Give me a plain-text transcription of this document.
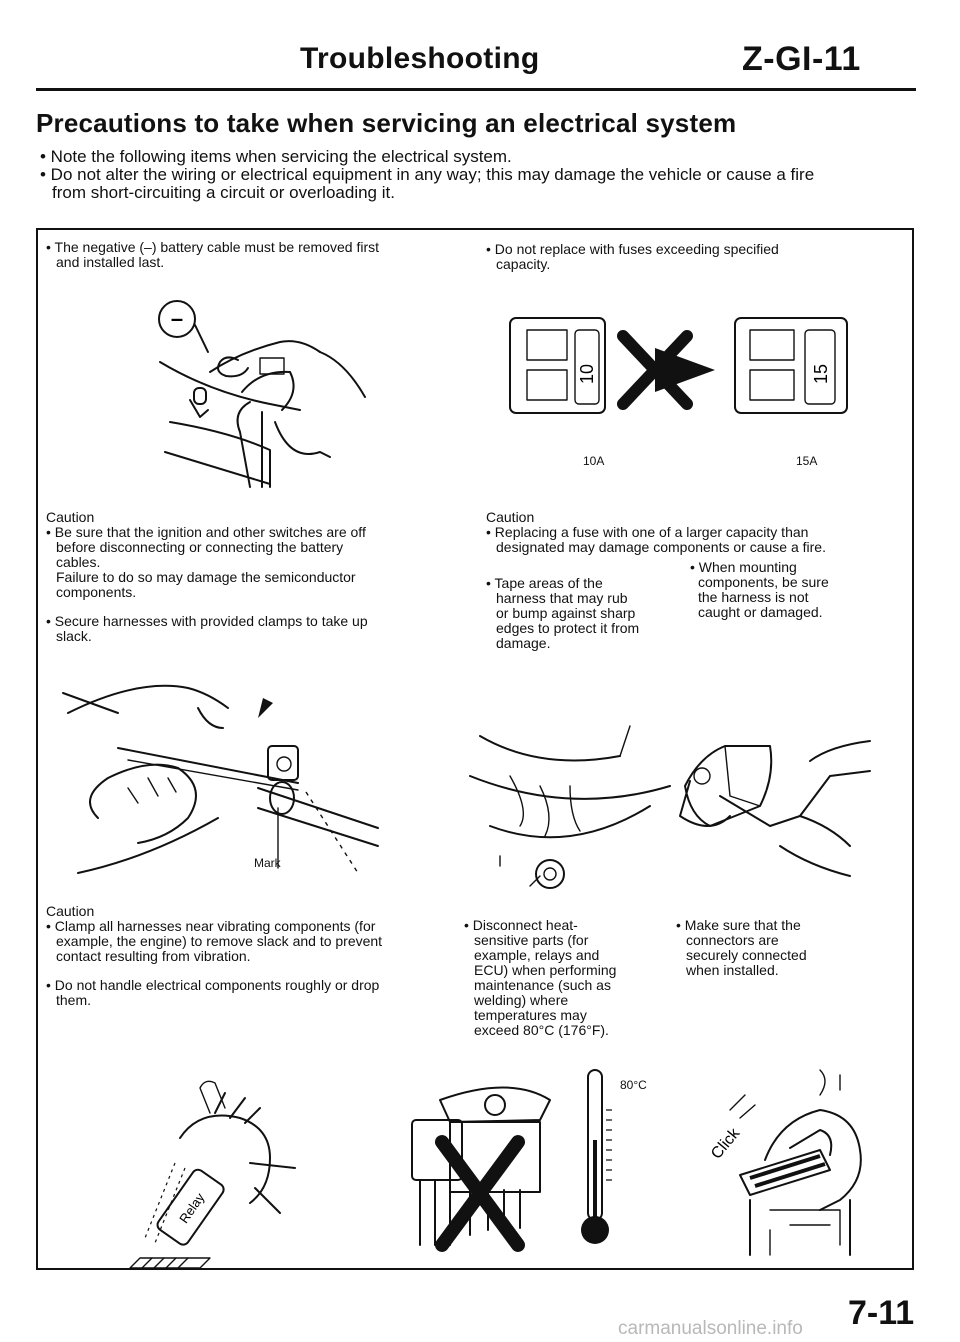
Troubleshooting	Z-GI-11
Precautions to take when servicing an electrical system

• Note the following items when servicing the electrical system.

• Do not alter the wiring or electrical equipment in any way; this may damage the vehicle or cause a fire

from short-circuiting a circuit or overloading it.

• The negative (–) battery cable must be removed first

and installed last.

–

Caution

• Be sure that the ignition and other switches are off

before disconnecting or connecting the battery

cables.

Failure to do so may damage the semiconductor

components.

• Secure harnesses with provided clamps to take up

slack.

• Do not replace with fuses exceeding specified

capacity.

10	15
10A	15A

Caution

• Replacing a fuse with one of a larger capacity than

designated may damage components or cause a fire.

• Tape areas of the

harness that may rub

or bump against sharp

edges to protect it from

damage.

• When mounting

components, be sure

the harness is not

caught or damaged.

Mark

Caution

• Clamp all harnesses near vibrating components (for

example, the engine) to remove slack and to prevent

contact resulting from vibration.

• Do not handle electrical components roughly or drop

them.

• Disconnect heat-

sensitive parts (for

example, relays and

ECU) when performing

maintenance (such as

welding) where

temperatures may

exceed 80°C (176°F).

• Make sure that the

connectors are

securely connected

when installed.

Relay
80°C
Click
7-11
carmanualsonline.info
